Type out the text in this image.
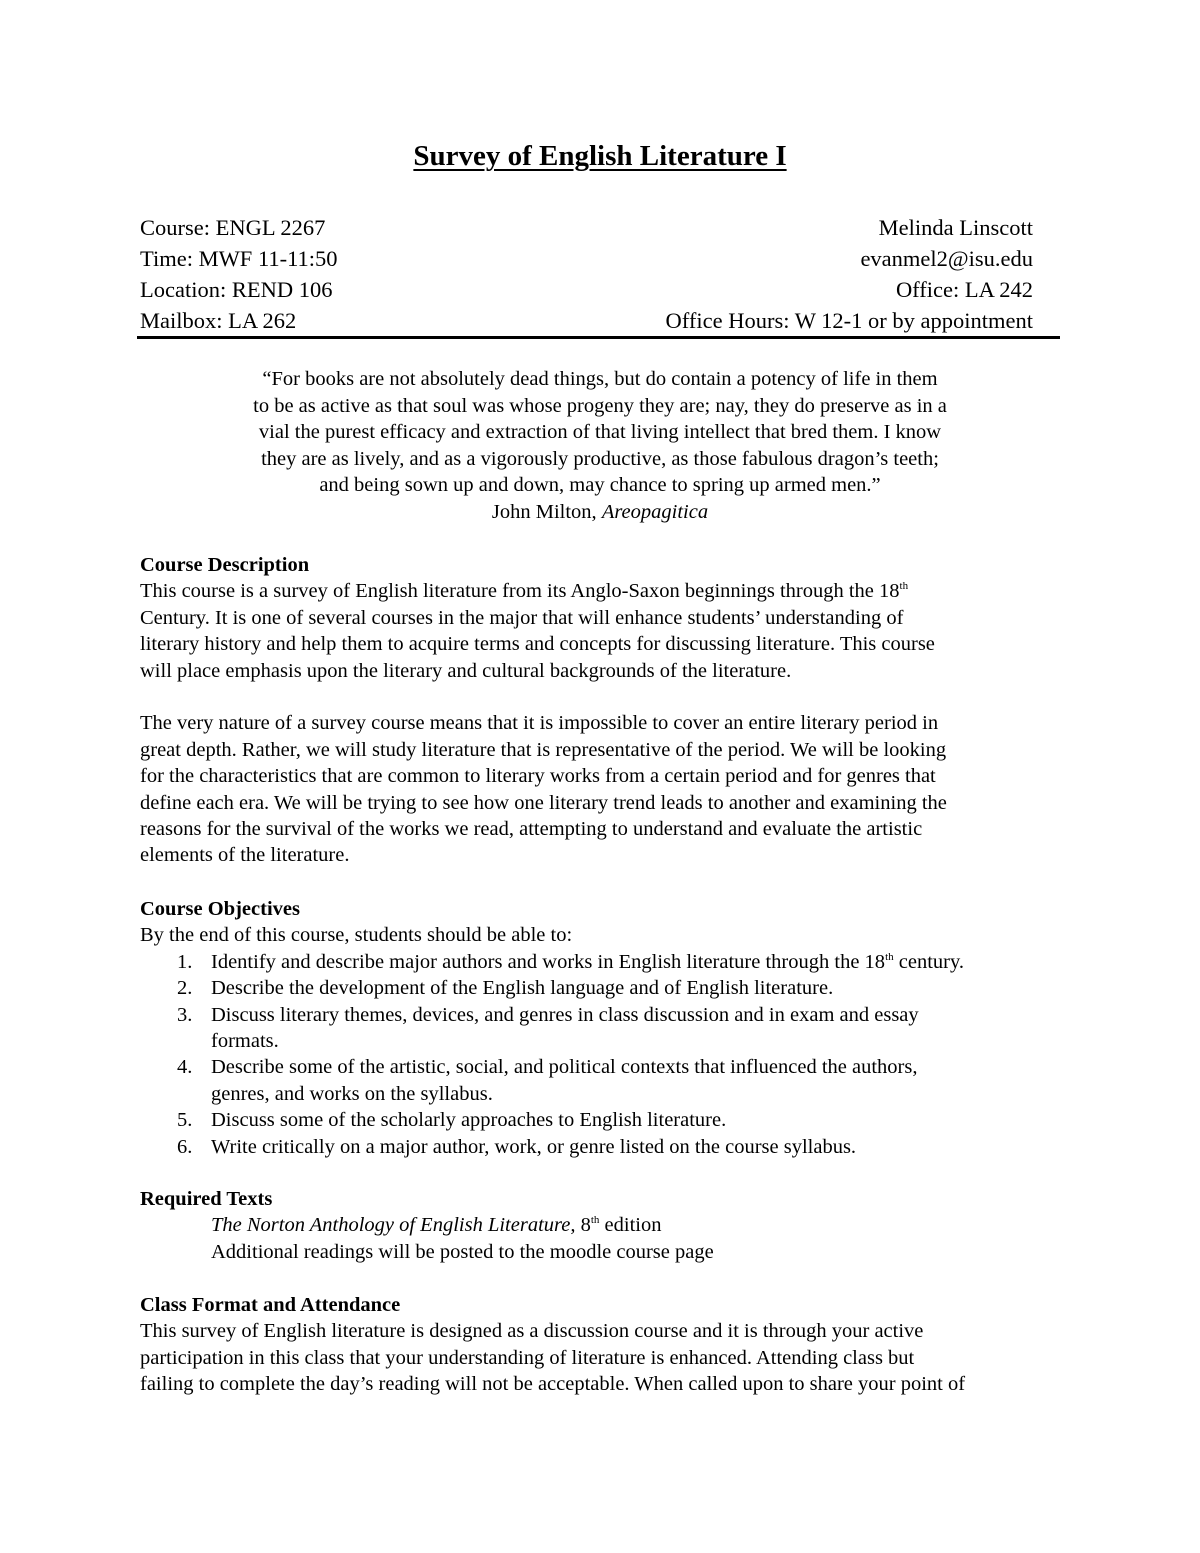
Survey of English Literature I
Course: ENGL 2267	Melinda Linscott
Time: MWF 11-11:50	evanmel2@isu.edu
Location: REND 106	Office: LA 242
Mailbox: LA 262	Office Hours: W 12-1 or by appointment
“For books are not absolutely dead things, but do contain a potency of life in them
to be as active as that soul was whose progeny they are; nay, they do preserve as in a
vial the purest efficacy and extraction of that living intellect that bred them. I know
they are as lively, and as a vigorously productive, as those fabulous dragon’s teeth;
and being sown up and down, may chance to spring up armed men.”
John Milton, Areopagitica
Course Description
This course is a survey of English literature from its Anglo-Saxon beginnings through the 18th
Century. It is one of several courses in the major that will enhance students’ understanding of
literary history and help them to acquire terms and concepts for discussing literature. This course
will place emphasis upon the literary and cultural backgrounds of the literature.

The very nature of a survey course means that it is impossible to cover an entire literary period in
great depth. Rather, we will study literature that is representative of the period. We will be looking
for the characteristics that are common to literary works from a certain period and for genres that
define each era. We will be trying to see how one literary trend leads to another and examining the
reasons for the survival of the works we read, attempting to understand and evaluate the artistic
elements of the literature.
Course Objectives
By the end of this course, students should be able to:
1. Identify and describe major authors and works in English literature through the 18th century.
2. Describe the development of the English language and of English literature.
3. Discuss literary themes, devices, and genres in class discussion and in exam and essay
formats.
4. Describe some of the artistic, social, and political contexts that influenced the authors,
genres, and works on the syllabus.
5. Discuss some of the scholarly approaches to English literature.
6. Write critically on a major author, work, or genre listed on the course syllabus.
Required Texts
The Norton Anthology of English Literature, 8th edition
Additional readings will be posted to the moodle course page
Class Format and Attendance
This survey of English literature is designed as a discussion course and it is through your active
participation in this class that your understanding of literature is enhanced. Attending class but
failing to complete the day’s reading will not be acceptable. When called upon to share your point of
